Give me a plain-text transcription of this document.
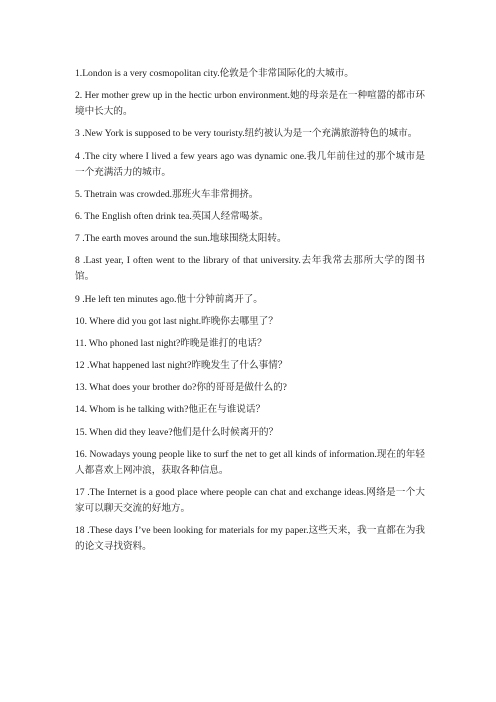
1.London is a very cosmopolitan city.伦敦是个非常国际化的大城市。

2. Her mother grew up in the hectic urbon environment.她的母亲是在一种喧嚣的都市环境中长大的。

3 .New York is supposed to be very touristy.纽约被认为是一个充满旅游特色的城市。

4 .The city where I lived a few years ago was dynamic one.我几年前住过的那个城市是一个充满活力的城市。

5. Thetrain was crowded.那班火车非常拥挤。

6. The English often drink tea.英国人经常喝茶。

7 .The earth moves around the sun.地球围绕太阳转。

8 .Last year, I often went to the library of that university.去年我常去那所大学的图书馆。

9 .He left ten minutes ago.他十分钟前离开了。

10. Where did you got last night.昨晚你去哪里了？

11. Who phoned last night?昨晚是谁打的电话？

12 .What happened last night?昨晚发生了什么事情？

13. What does your brother do?你的哥哥是做什么的?

14. Whom is he talking with?他正在与谁说话？

15. When did they leave?他们是什么时候离开的？

16. Nowadays young people like to surf the net to get all kinds of information.现在的年轻人都喜欢上网冲浪，获取各种信息。

17 .The Internet is a good place where people can chat and exchange ideas.网络是一个大家可以聊天交流的好地方。

18 .These days I’ve been looking for materials for my paper.这些天来，我一直都在为我的论文寻找资料。
